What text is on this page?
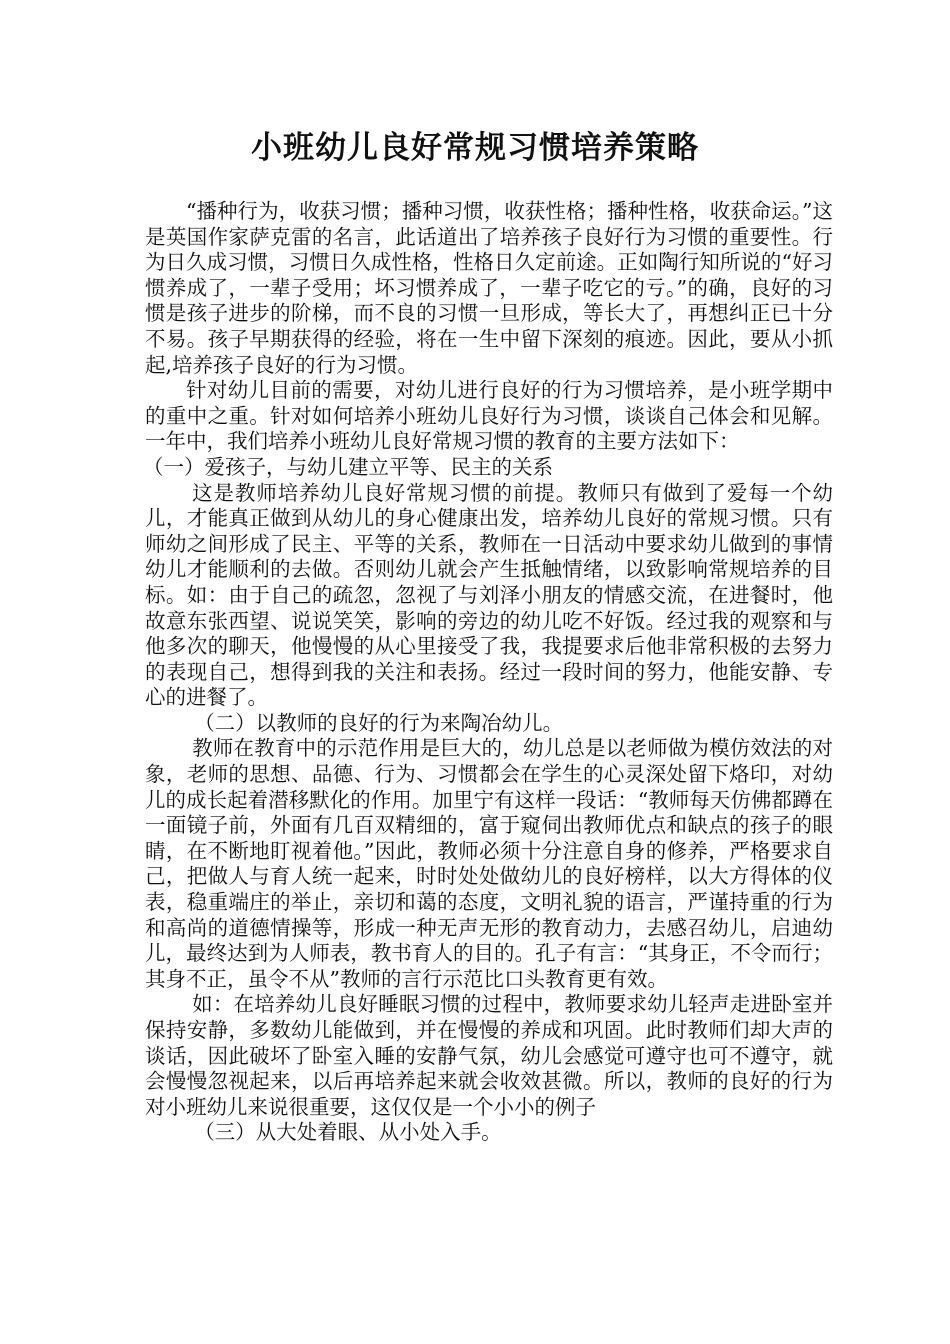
小班幼儿良好常规习惯培养策略

“播种行为，收获习惯；播种习惯，收获性格；播种性格，收获命运。”这是英国作家萨克雷的名言，此话道出了培养孩子良好行为习惯的重要性。行为日久成习惯，习惯日久成性格，性格日久定前途。正如陶行知所说的“好习惯养成了，一辈子受用；坏习惯养成了，一辈子吃它的亏。”的确，良好的习惯是孩子进步的阶梯，而不良的习惯一旦形成，等长大了，再想纠正已十分不易。孩子早期获得的经验，将在一生中留下深刻的痕迹。因此，要从小抓起,培养孩子良好的行为习惯。

针对幼儿目前的需要，对幼儿进行良好的行为习惯培养，是小班学期中的重中之重。针对如何培养小班幼儿良好行为习惯，谈谈自己体会和见解。一年中，我们培养小班幼儿良好常规习惯的教育的主要方法如下：

（一）爱孩子，与幼儿建立平等、民主的关系

这是教师培养幼儿良好常规习惯的前提。教师只有做到了爱每一个幼儿，才能真正做到从幼儿的身心健康出发，培养幼儿良好的常规习惯。只有师幼之间形成了民主、平等的关系，教师在一日活动中要求幼儿做到的事情幼儿才能顺利的去做。否则幼儿就会产生抵触情绪，以致影响常规培养的目标。如：由于自己的疏忽，忽视了与刘泽小朋友的情感交流，在进餐时，他故意东张西望、说说笑笑，影响的旁边的幼儿吃不好饭。经过我的观察和与他多次的聊天，他慢慢的从心里接受了我，我提要求后他非常积极的去努力的表现自己，想得到我的关注和表扬。经过一段时间的努力，他能安静、专心的进餐了。

（二）以教师的良好的行为来陶冶幼儿。

教师在教育中的示范作用是巨大的，幼儿总是以老师做为模仿效法的对象，老师的思想、品德、行为、习惯都会在学生的心灵深处留下烙印，对幼儿的成长起着潜移默化的作用。加里宁有这样一段话：“教师每天仿佛都蹲在一面镜子前，外面有几百双精细的，富于窥伺出教师优点和缺点的孩子的眼睛，在不断地盯视着他。”因此，教师必须十分注意自身的修养，严格要求自己，把做人与育人统一起来，时时处处做幼儿的良好榜样，以大方得体的仪表，稳重端庄的举止，亲切和蔼的态度，文明礼貌的语言，严谨持重的行为和高尚的道德情操等，形成一种无声无形的教育动力，去感召幼儿，启迪幼儿，最终达到为人师表，教书育人的目的。孔子有言：“其身正，不令而行；其身不正，虽令不从”教师的言行示范比口头教育更有效。

如：在培养幼儿良好睡眠习惯的过程中，教师要求幼儿轻声走进卧室并保持安静，多数幼儿能做到，并在慢慢的养成和巩固。此时教师们却大声的谈话，因此破坏了卧室入睡的安静气氛，幼儿会感觉可遵守也可不遵守，就会慢慢忽视起来，以后再培养起来就会收效甚微。所以，教师的良好的行为对小班幼儿来说很重要，这仅仅是一个小小的例子

（三）从大处着眼、从小处入手。
